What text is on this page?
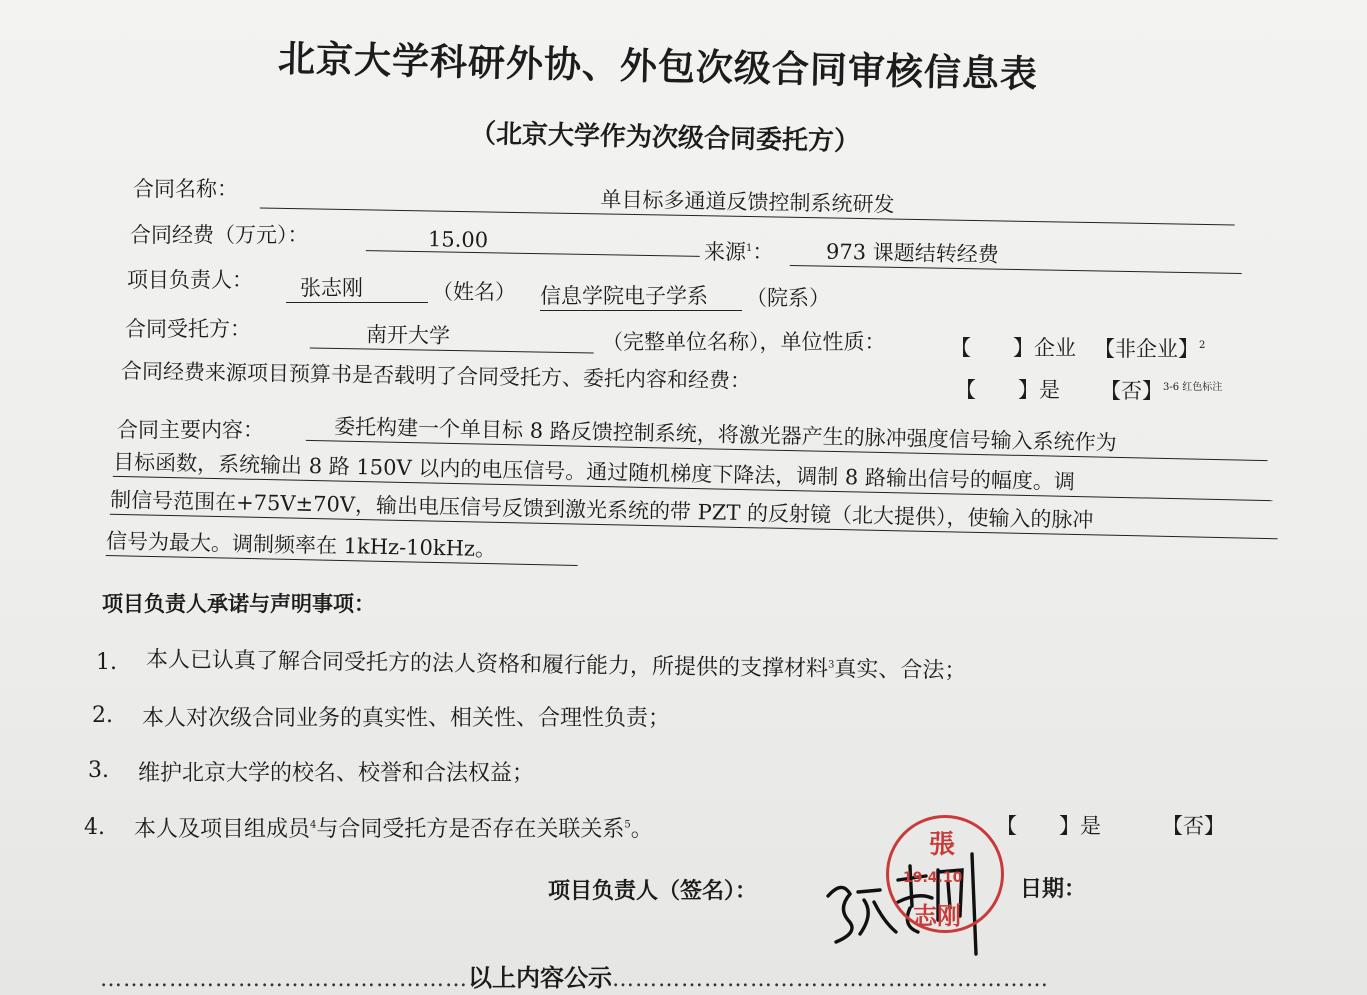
北京大学科研外协、外包次级合同审核信息表
（北京大学作为次级合同委托方）
合同名称：	单目标多通道反馈控制系统研发
合同经费（万元）：	15.00	来源$^1$：	973 课题结转经费
项目负责人：	张志刚	（姓名） 信息学院电子学系	（院系）
合同受托方：	南开大学	（完整单位名称），单位性质：	【　　】企业 【非企业】$^2$
合同经费来源项目预算书是否载明了合同受托方、委托内容和经费：	【　　】是 【否】$^{3-6 红色标注}$
合同主要内容：	委托构建一个单目标 8 路反馈控制系统，将激光器产生的脉冲强度信号输入系统作为
目标函数，系统输出 8 路 150V 以内的电压信号。通过随机梯度下降法，调制 8 路输出信号的幅度。调
制信号范围在+75V±70V，输出电压信号反馈到激光系统的带 PZT 的反射镜（北大提供），使输入的脉冲
信号为最大。调制频率在 1kHz-10kHz。
项目负责人承诺与声明事项：
1. 本人已认真了解合同受托方的法人资格和履行能力，所提供的支撑材料$^3$真实、合法；
2. 本人对次级合同业务的真实性、相关性、合理性负责；
3. 维护北京大学的校名、校誉和合法权益；
4. 本人及项目组成员$^4$与合同受托方是否存在关联关系$^5$。	【　　】是	【否】
项目负责人（签名）：
張
19.4.10
志刚
日期：
…………………………………………以上内容公示…………………………………………………
